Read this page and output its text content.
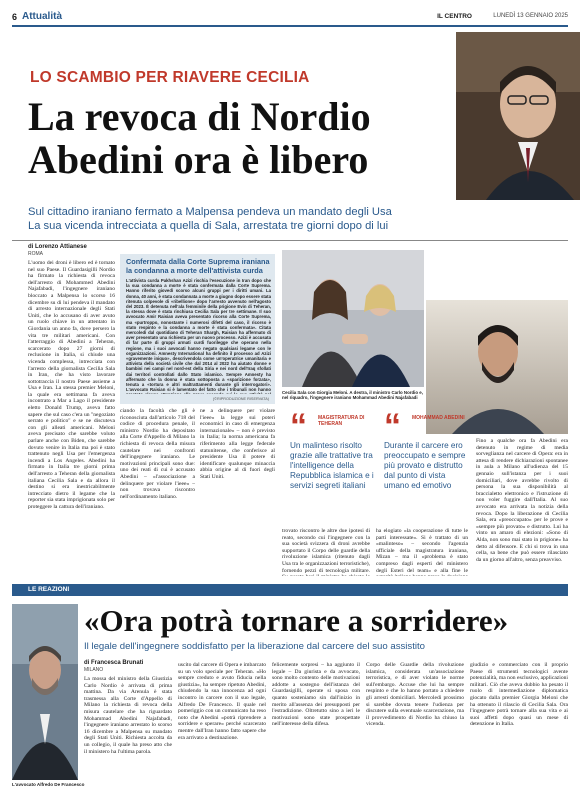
6 Attualità	IL CENTRO	LUNEDÌ 13 GENNAIO 2025
LO SCAMBIO PER RIAVERE CECILIA
La revoca di Nordio
Abedini ora è libero
Sul cittadino iraniano fermato a Malpensa pendeva un mandato degli Usa
La sua vicenda intrecciata a quella di Sala, arrestata tre giorni dopo di lui
di Lorenzo Attianese
ROMA
L'uomo dei droni è libero ed è tornato nel suo Paese. Il Guardasigilli Nordio ha firmato la richiesta di revoca dell'arresto di Mohammed Abedini Najafabadi, l'ingegnere iraniano bloccato a Malpensa lo scorso 16 dicembre su di lui pendeva il mandato di arresto internazionale degli Stati Uniti, che lo accusano di aver avuto un ruolo chiave in un attentato in Giordania un anno fa, dove persero la vita tre militari americani. Con l'atterraggio di Abedini a Teheran, scarcerato dopo 27 giorni di reclusione in Italia, si chiude una vicenda complessa, intrecciata con l'arresto della giornalista Cecilia Sala in Iran, che ha visto lavorare sottotraccia il nostro Paese assieme a Usa e Iran. La stessa premier Meloni, la quale era settimana fa aveva incontrato a Mar a Lago il presidente eletto Donald Trump, aveva fatto sapere che sul caso c'era un "negoziato serrato e politico" e se ne discuteva con gli alleati americani. Meloni aveva precisato che sarebbe voluto parlare anche con Biden, che sarebbe dovuto venire in Italia ma poi è stato trattenuto negli Usa per l'emergenza incendi a Los Angeles. Abedini ha firmato in Italia tre giorni prima dell'arresto a Teheran della giornalista italiana Cecilia Sala e da allora il destino si era inestricabilmente intrecciato dietro il legame che la reporter sia stata imprigionata solo per proteggere la cattura dell'iraniano.
Confermata dalla Corte Suprema iraniana
la condanna a morte dell'attivista curda
L'attivista curda Pakhshan Azizi rischia l'esecuzione in Iran dopo che la sua condanna a morte è stata confermata dalla Corte Suprema. Hanno riferito giovedì scorso alcuni gruppi per i diritti umani. La donna, 40 anni, è stata condannata a morte a giugno dopo essere stata ritenuta colpevole di «ribellione» dopo l'arresto avvenuto nell'agosto del 2023. È detenuta nell'ala femminile della prigione Evin di Teheran, la stessa dove è stata rinchiusa Cecilia Sala per tre settimane. Il suo avvocato Amir Raisian aveva presentato ricorso alla Corte Suprema, ma «purtroppo, nonostante i numerosi difetti del caso, il ricorso è stato respinto e la condanna a morte è stata confermata». Citata mercoledì dal quotidiano di Teheran Shargh, Raisian ha affermato di aver presentato una richiesta per un nuovo processo. Azizi è accusata di far parte di gruppi armati curdi fuorilegge che operano nella regione, ma i suoi avvocati hanno negato qualsiasi legame con le organizzazioni. Amnesty International ha definito il processo ad Azizi «gravemente iniquo», descrivendola come un'operatrice umanitaria e attivista della società civile che dal 2014 al 2022 ha aiutato donne e bambini nei campi nel nord-est della Siria e nei nord dell'Iraq sfollati dai territori controllati dallo Stato islamico. Sempre Amnesty ha affermato che la donna è stata sottoposta a «sparizione forzata», tenuta a «tortura e altri maltrattamenti durante gli interrogatori». L'avvocato Raisian si è lamentato del fatto che i tribunali non hanno
(©RIPRODUZIONE RISERVATA)
Cecilia Sala con Giorgia Meloni. A destra, il ministro Carlo Nordio e, nel riquadro, l'ingegnere iraniano Mohammad Abedini Najafabadi
“ MAGISTRATURA DI TEHERAN
Un malinteso risolto grazie alle trattative tra l'intelligence della Repubblica islamica e i servizi segreti italiani
“ MOHAMMAD ABEDINI
Durante il carcere ero preoccupato e sempre più provato e distrutto dal punto di vista umano ed emotivo
ciando la facoltà che gli è riconosciuta dall'articolo 718 del codice di procedura penale, il ministro Nordio ha depositato alla Corte d'Appello di Milano la richiesta di revoca della misura cautelare nei confronti dell'ingegnere iraniano. Le motivazioni principali sono due: uno dei reati di cui è accusato Abedini – «l'associazione a delinquere per violare l'ieee» – non trovava riscontro nell'ordinamento italiano.
ne a delinquere per violare l'ieee» la legge sui poteri economici in caso di emergenza internazionale» – non è previsto in Italia; la norma americana fa riferimento alla legge federale statunitense, che conferisce al presidente Usa il potere di identificare qualunque minaccia abbia origine al di fuori degli Stati Uniti.
trovato riscontro le altre due ipotesi di reato, secondo cui l'ingegnere con la sua società svizzera di droni avrebbe supportato il Corpo delle guardie della rivoluzione islamica (ritenuto dagli Usa tra le organizzazioni terroristiche), fornendo pezzi di tecnologia militare.
ha elogiato «la cooperazione di tutte le parti interessate». Si è trattato di un «malinteso» – secondo l'agenzia ufficiale della magistratura iraniana, Mizan – ma il «problema è stato compreso dagli esperti del ministero degli Esteri del team» e alla fine le
Fino a qualche ora fa Abedini era detenuto in regime di media sorveglianza nel carcere di Opera: era in attesa di rendere dichiarazioni spontanee in aula a Milano all'udienza del 15 gennaio sull'istanza per i suoi domiciliari, dove avrebbe rivolto di persona la sua disponibilità al braccialetto elettronico e l'istruzione di non voler fuggire dall'Italia. Al suo avvocato era arrivata la notizia della revoca. Dopo la liberazione di Cecilia Sala, era «preoccupato» per le prove e «sempre più provato» e distrutto. Lui ha vinto un amaro di elezioni: «Sono di Alda, non sono mai stato in prigione» ha detto al difensore. E chi si trova in una cella, sa bene che può essere rilasciato da un giorno all'altro, senza preavviso.
LE REAZIONI
«Ora potrà tornare a sorridere»
Il legale dell'ingegnere soddisfatto per la liberazione dal carcere del suo assistito
L'avvocato Alfredo De Francesco
di Francesca Brunati
MILANO
La mossa del ministro della Giustizia Carlo Nordio è arrivata di prima mattina. Da via Arenula è stata trasmessa alla Corte d'Appello di Milano la richiesta di revoca della misura cautelare che ha riguardato Mohammad Abedini Najafabadi, l'ingegnere iraniano arrestato lo scorso 16 dicembre a Malpensa su mandato degli Stati Uniti. Richiesta accolta da un collegio, il quale ha preso atto che il ministero ha l'ultima parola.
uscito dal carcere di Opera e imbarcato su un volo speciale per Teheran. «Ho sempre creduto e avuto fiducia nella giustizia», ha sempre ripetuto Abedini, chiudendo la sua innocenza ad ogni incontro in carcere con il suo legale, Alfredo De Francesco. Il quale nel pomeriggio con un comunicato ha reso noto che Abedini «potrà riprendere a sorridere e sperare» perché scarcerato mentre dall'Iran hanno fatto sapere che era arrivato a destinazione.
felicemente sorpresi – ha aggiunto il legale – Da giurista e da avvocato, sono molto contento delle motivazioni addotte a sostegno dell'istanza del Guardasigilli, operate si sposa con quanto sosteniamo sin dall'inizio in merito all'assenza dei presupposti per l'estradizione. Oltretutto sino a ieri le motivazioni sono state prospettate nell'interesse della difesa.
Corpo delle Guardie della rivoluzione islamica, considerata un'associazione terroristica, e di aver violato le norme sull'embargo. Accuse che lui ha sempre respinto e che lo hanno portato a chiedere gli arresti domiciliari. Mercoledì prossimo si sarebbe dovuta tenere l'udienza per discutere sulla eventuale scarcerazione, ma il provvedimento di Nordio ha chiuso la vicenda.
giudizio e commerciato con il proprio Paese di strumenti tecnologici avente potenzialità, ma non esclusivo, applicazioni militari. Ciò che aveva dubbio ha pesato il ruolo di intermediazione diplomatica giocato dalla premier Giorgia Meloni che ha ottenuto il rilascio di Cecilia Sala. Ora l'ingegnere potrà tornare alla sua vita e ai suoi affetti dopo quasi un mese di detenzione in Italia.
